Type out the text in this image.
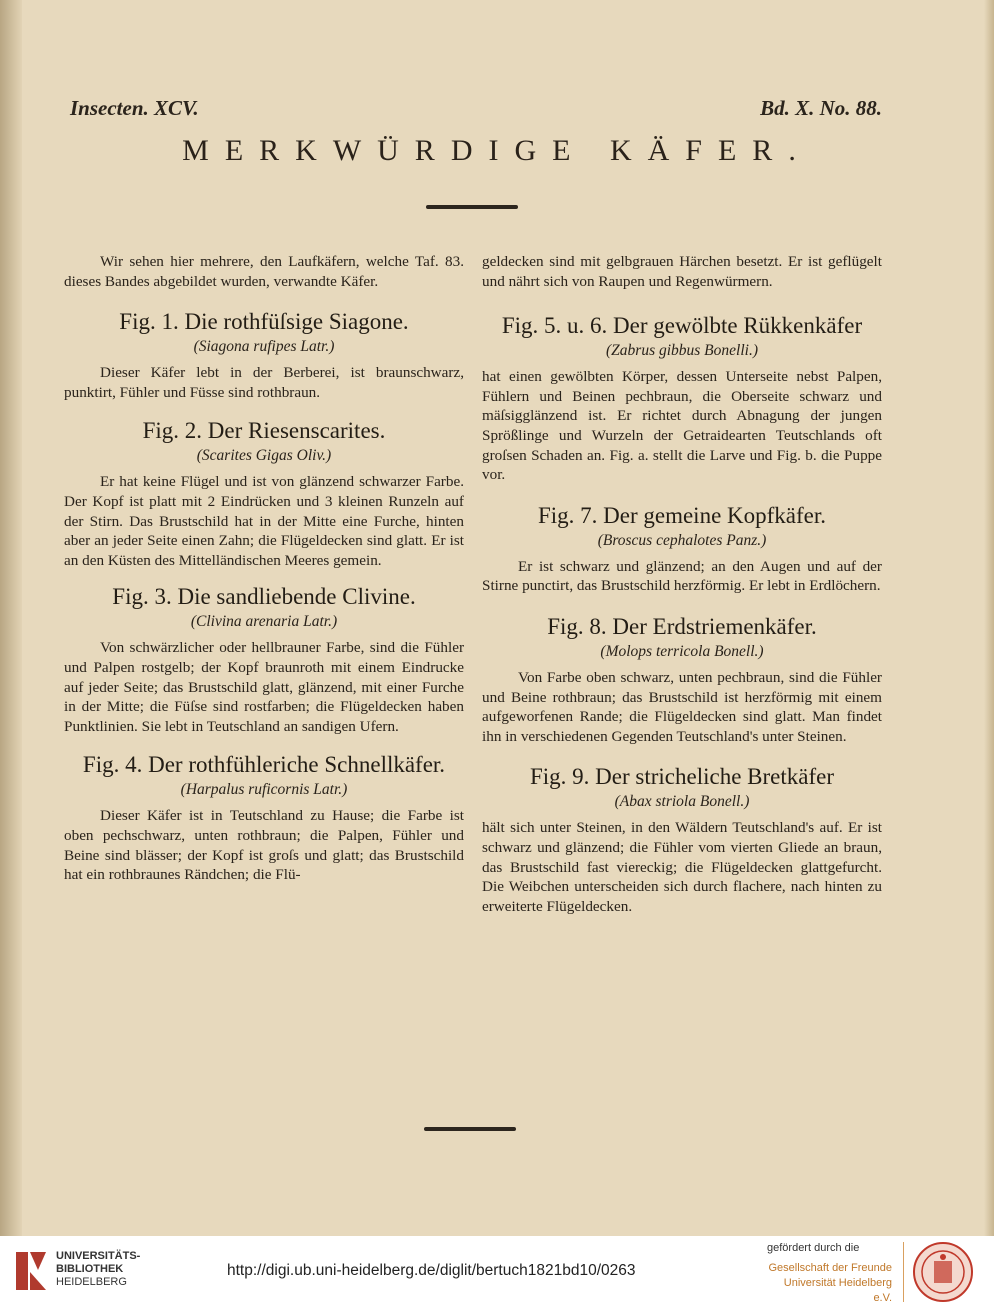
Insecten. XCV.	Bd. X. No. 88.
MERKWÜRDIGE KÄFER.

Wir sehen hier mehrere, den Laufkäfern, welche Taf. 83. dieses Bandes abgebildet wurden, verwandte Käfer.

Fig. 1. Die rothfüſsige Siagone.

(Siagona rufipes Latr.)

Dieser Käfer lebt in der Berberei, ist braunschwarz, punktirt, Fühler und Füsse sind rothbraun.

Fig. 2. Der Riesenscarites.

(Scarites Gigas Oliv.)

Er hat keine Flügel und ist von glänzend schwarzer Farbe. Der Kopf ist platt mit 2 Eindrücken und 3 kleinen Runzeln auf der Stirn. Das Brustschild hat in der Mitte eine Furche, hinten aber an jeder Seite einen Zahn; die Flügeldecken sind glatt. Er ist an den Küsten des Mittelländischen Meeres gemein.

Fig. 3. Die sandliebende Clivine.

(Clivina arenaria Latr.)

Von schwärzlicher oder hellbrauner Farbe, sind die Fühler und Palpen rostgelb; der Kopf braunroth mit einem Eindrucke auf jeder Seite; das Brustschild glatt, glänzend, mit einer Furche in der Mitte; die Füſse sind rostfarben; die Flügeldecken haben Punktlinien. Sie lebt in Teutschland an sandigen Ufern.

Fig. 4. Der rothfühleriche Schnellkäfer.

(Harpalus ruficornis Latr.)

Dieser Käfer ist in Teutschland zu Hause; die Farbe ist oben pechschwarz, unten rothbraun; die Palpen, Fühler und Beine sind blässer; der Kopf ist groſs und glatt; das Brustschild hat ein rothbraunes Rändchen; die Flü-

geldecken sind mit gelbgrauen Härchen besetzt. Er ist geflügelt und nährt sich von Raupen und Regenwürmern.

Fig. 5. u. 6. Der gewölbte Rükkenkäfer

(Zabrus gibbus Bonelli.)

hat einen gewölbten Körper, dessen Unterseite nebst Palpen, Fühlern und Beinen pechbraun, die Oberseite schwarz und mäſsigglänzend ist. Er richtet durch Abnagung der jungen Sprößlinge und Wurzeln der Getraidearten Teutschlands oft groſsen Schaden an. Fig. a. stellt die Larve und Fig. b. die Puppe vor.

Fig. 7. Der gemeine Kopfkäfer.

(Broscus cephalotes Panz.)

Er ist schwarz und glänzend; an den Augen und auf der Stirne punctirt, das Brustschild herzförmig. Er lebt in Erdlöchern.

Fig. 8. Der Erdstriemenkäfer.

(Molops terricola Bonell.)

Von Farbe oben schwarz, unten pechbraun, sind die Fühler und Beine rothbraun; das Brustschild ist herzförmig mit einem aufgeworfenen Rande; die Flügeldecken sind glatt. Man findet ihn in verschiedenen Gegenden Teutschland's unter Steinen.

Fig. 9. Der stricheliche Bretkäfer

(Abax striola Bonell.)

hält sich unter Steinen, in den Wäldern Teutschland's auf. Er ist schwarz und glänzend; die Fühler vom vierten Gliede an braun, das Brustschild fast viereckig; die Flügeldecken glattgefurcht. Die Weibchen unterscheiden sich durch flachere, nach hinten zu erweiterte Flügeldecken.

UNIVERSITÄTS-
BIBLIOTHEK
HEIDELBERG
http://digi.ub.uni-heidelberg.de/diglit/bertuch1821bd10/0263
gefördert durch die
Gesellschaft der Freunde
Universität Heidelberg e.V.
